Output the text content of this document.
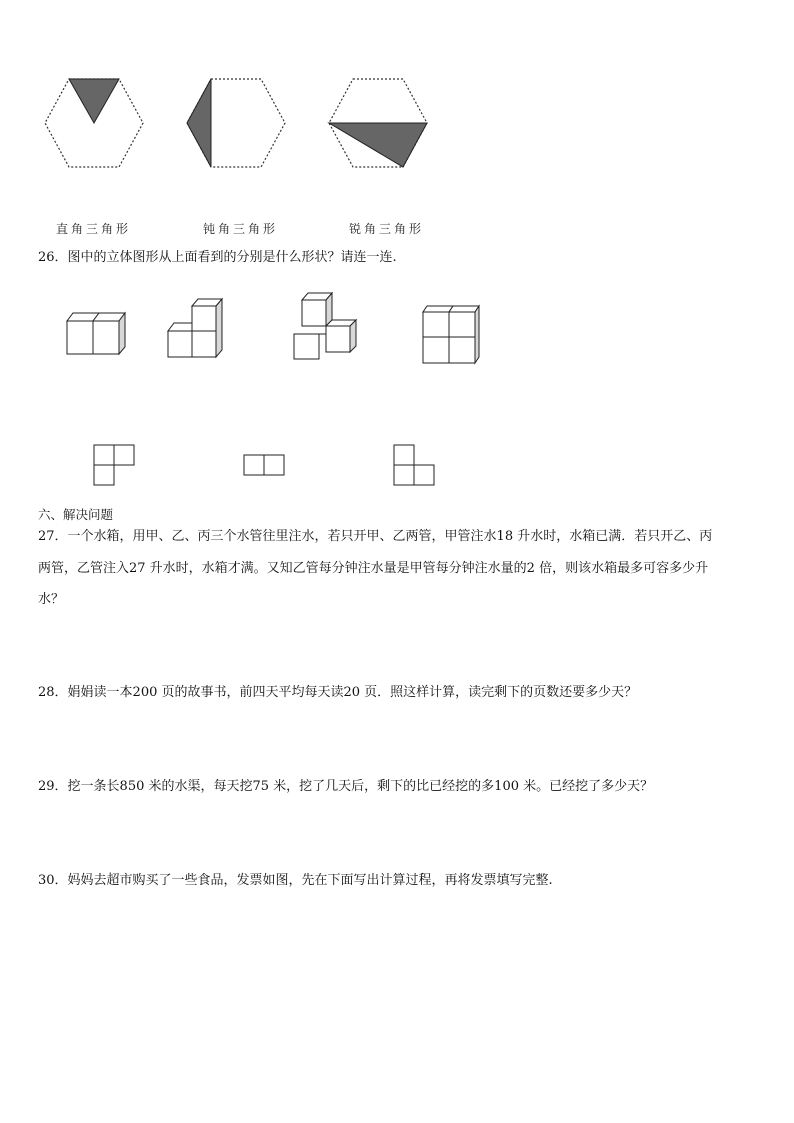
直角三角形	钝角三角形	锐角三角形
26．图中的立体图形从上面看到的分别是什么形状？请连一连.
六、解决问题
27．一个水箱，用甲、乙、丙三个水管往里注水，若只开甲、乙两管，甲管注水18 升水时，水箱已满．若只开乙、丙
两管，乙管注入27 升水时，水箱才满。又知乙管每分钟注水量是甲管每分钟注水量的2 倍，则该水箱最多可容多少升
水？
28．娟娟读一本200 页的故事书，前四天平均每天读20 页．照这样计算，读完剩下的页数还要多少天？
29．挖一条长850 米的水渠，每天挖75 米，挖了几天后，剩下的比已经挖的多100 米。已经挖了多少天？
30．妈妈去超市购买了一些食品，发票如图，先在下面写出计算过程，再将发票填写完整.
